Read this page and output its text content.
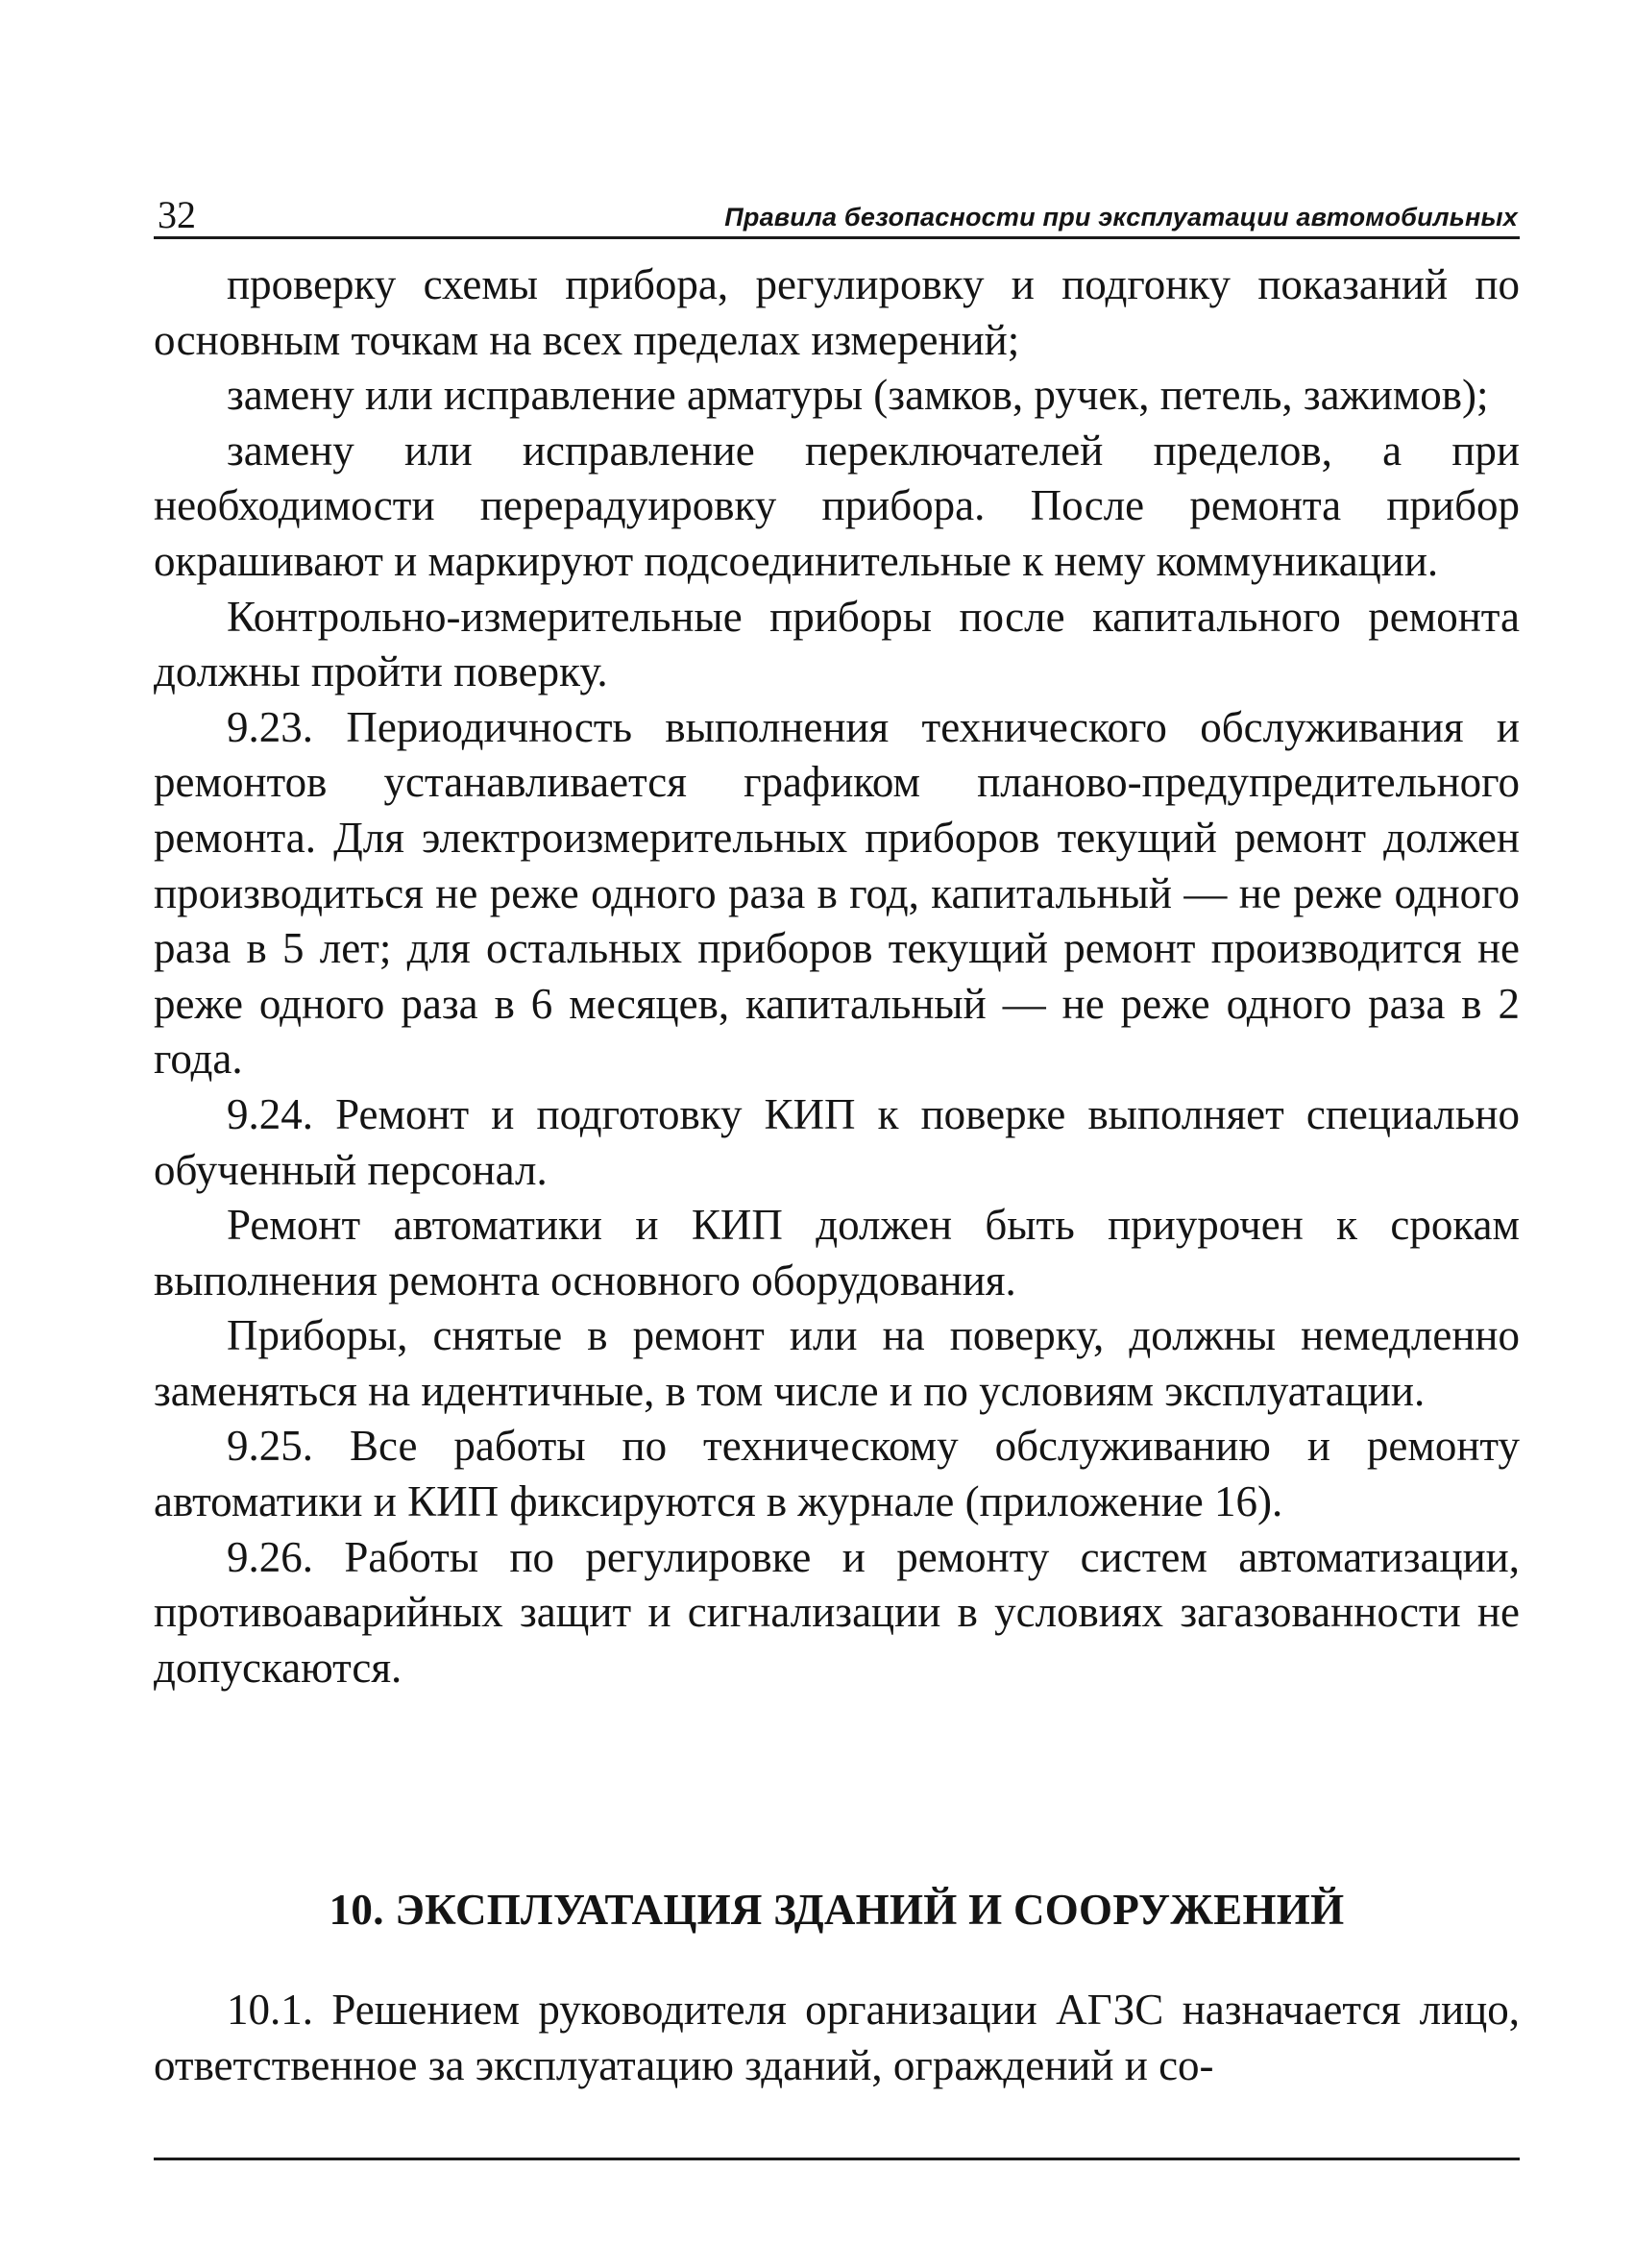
32	Правила безопасности при эксплуатации автомобильных

проверку схемы прибора, регулировку и подгонку показаний по основным точкам на всех пределах измерений;

замену или исправление арматуры (замков, ручек, петель, зажимов);

замену или исправление переключателей пределов, а при необходимости перерадуировку прибора. После ремонта прибор окрашивают и маркируют подсоединительные к нему коммуникации.

Контрольно-измерительные приборы после капитального ремонта должны пройти поверку.

9.23. Периодичность выполнения технического обслуживания и ремонтов устанавливается графиком планово-предупредительного ремонта. Для электроизмерительных приборов текущий ремонт должен производиться не реже одного раза в год, капитальный — не реже одного раза в 5 лет; для остальных приборов текущий ремонт производится не реже одного раза в 6 месяцев, капитальный — не реже одного раза в 2 года.

9.24. Ремонт и подготовку КИП к поверке выполняет специально обученный персонал.

Ремонт автоматики и КИП должен быть приурочен к срокам выполнения ремонта основного оборудования.

Приборы, снятые в ремонт или на поверку, должны немедленно заменяться на идентичные, в том числе и по условиям эксплуатации.

9.25. Все работы по техническому обслуживанию и ремонту автоматики и КИП фиксируются в журнале (приложение 16).

9.26. Работы по регулировке и ремонту систем автоматизации, противоаварийных защит и сигнализации в условиях загазованности не допускаются.

10. ЭКСПЛУАТАЦИЯ ЗДАНИЙ И СООРУЖЕНИЙ

10.1. Решением руководителя организации АГЗС назначается лицо, ответственное за эксплуатацию зданий, ограждений и со-
